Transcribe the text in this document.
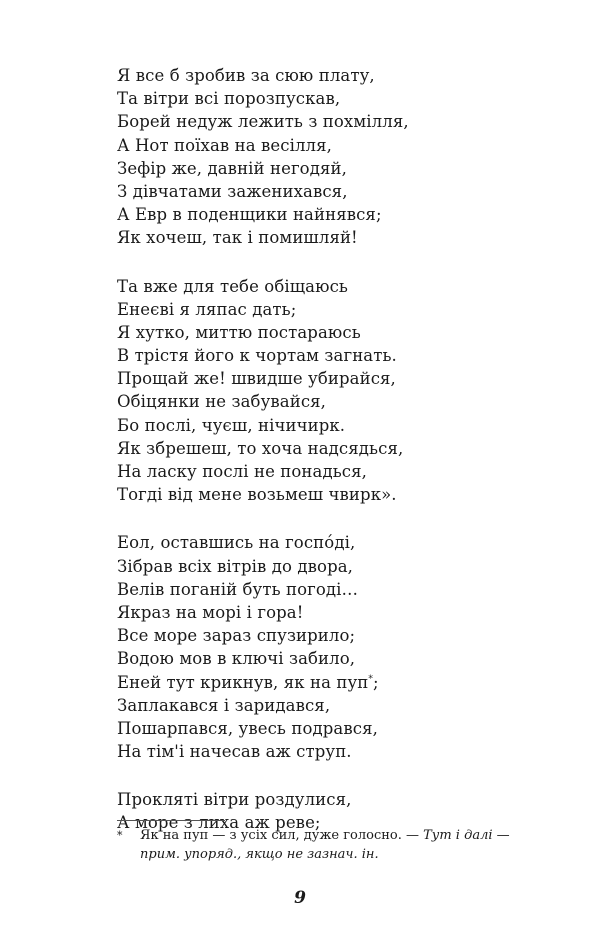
Я все б зробив за сюю плату,
Та вітри всі порозпускав,
Борей недуж лежить з похмілля,
А Нот поїхав на весілля,
Зефір же, давній негодяй,
З дівчатами заженихався,
А Евр в поденщики найнявся;
Як хочеш, так і помишляй!
Та вже для тебе обіщаюсь
Енеєві я ляпас дать;
Я хутко, миттю постараюсь
В трістя його к чортам загнать.
Прощай же! швидше убирайся,
Обіцянки не забувайся,
Бо послі, чуєш, нічичирк.
Як збрешеш, то хоча надсядься,
На ласку послі не понадься,
Тогді від мене возьмеш чвирк».
Еол, оставшись на госпóді,
Зібрав всіх вітрів до двора,
Велів поганій буть погоді…
Якраз на морі і гора!
Все море зараз спузирило;
Водою мов в ключі забило,
Еней тут крикнув, як на пуп*;
Заплакався і заридався,
Пошарпався, увесь подрався,
На тім'і начесав аж струп.
Прокляті вітри роздулися,
А море з лиха аж реве;
*	Як на пуп — з усіх сил, дуже голосно. — Тут і далі — прим. упоряд., якщо не зазнач. ін.
9
